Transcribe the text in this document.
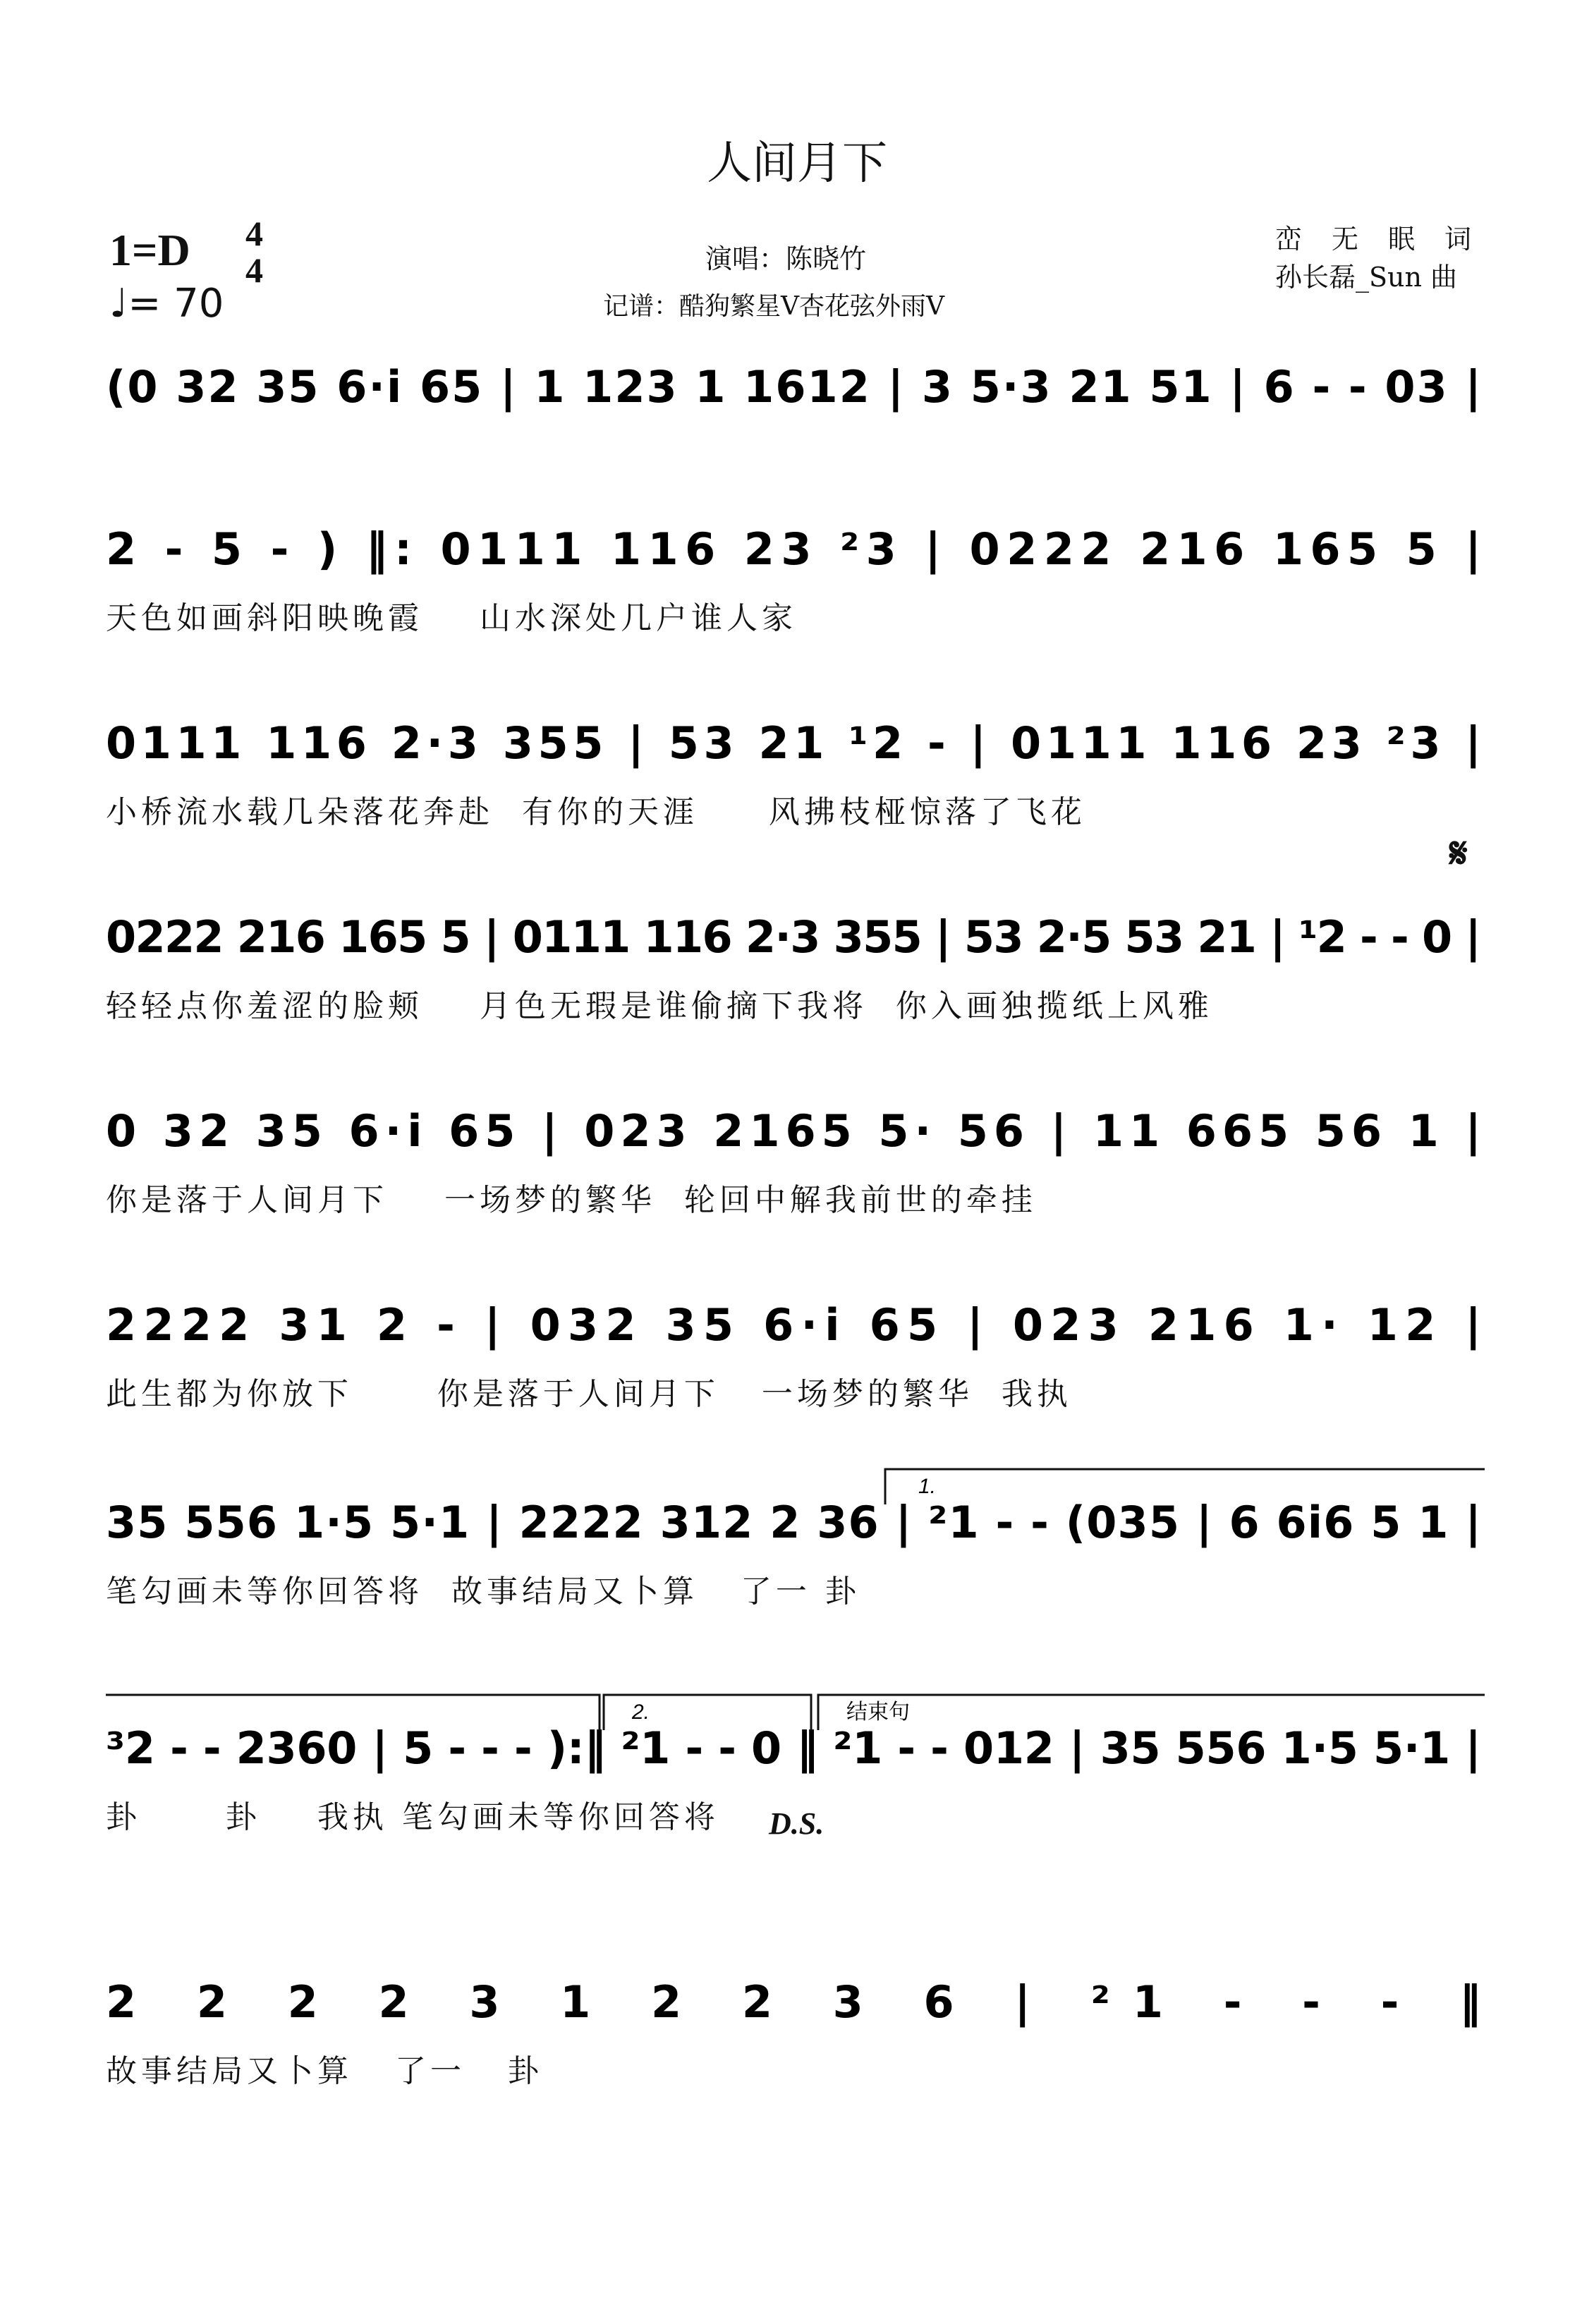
人间月下
1=D 4
4
♩= 70
演唱：陈晓竹
记谱：酷狗繁星V杏花弦外雨V
峦无眠词
孙长磊_Sun 曲
(0 32 35 6·i 65 | 1 123 1 1612 | 3 5·3 21 51 | 6 - - 03 |
2 - 5 - ) ‖: 0111 116 23 ²3 | 0222 216 165 5 |
天色如画斜阳映晚霞    山水深处几户谁人家
0111 116 2·3 355 | 53 21 ¹2 - | 0111 116 23 ²3 |
小桥流水载几朵落花奔赴  有你的天涯     风拂枝桠惊落了飞花
0222 216 165 5 | 0111 116 2·3 355 | 53 2·5 53 21 | ¹2 - - 0 |
轻轻点你羞涩的脸颊    月色无瑕是谁偷摘下我将  你入画独揽纸上风雅
0 32 35 6·i 65 | 023 2165 5· 56 | 11 665 56 1 |
你是落于人间月下    一场梦的繁华  轮回中解我前世的牵挂
2222 31 2 - | 032 35 6·i 65 | 023 216 1· 12 |
此生都为你放下      你是落于人间月下   一场梦的繁华  我执
35 556 1·5 5·1 | 2222 312 2 36 | ²1 - - (035 | 6 6i6 5 1 |
笔勾画未等你回答将  故事结局又卜算   了一 卦
³2 - - 2360 | 5 - - - ):‖ ²1 - - 0 ‖ ²1 - - 012 | 35 556 1·5 5·1 |
卦      卦    我执 笔勾画未等你回答将
2 2 2 2 3 1 2 2 3 6 | ²1 - - - ‖
故事结局又卜算   了一   卦
𝄋
1.
2.	结束句
D.S.
